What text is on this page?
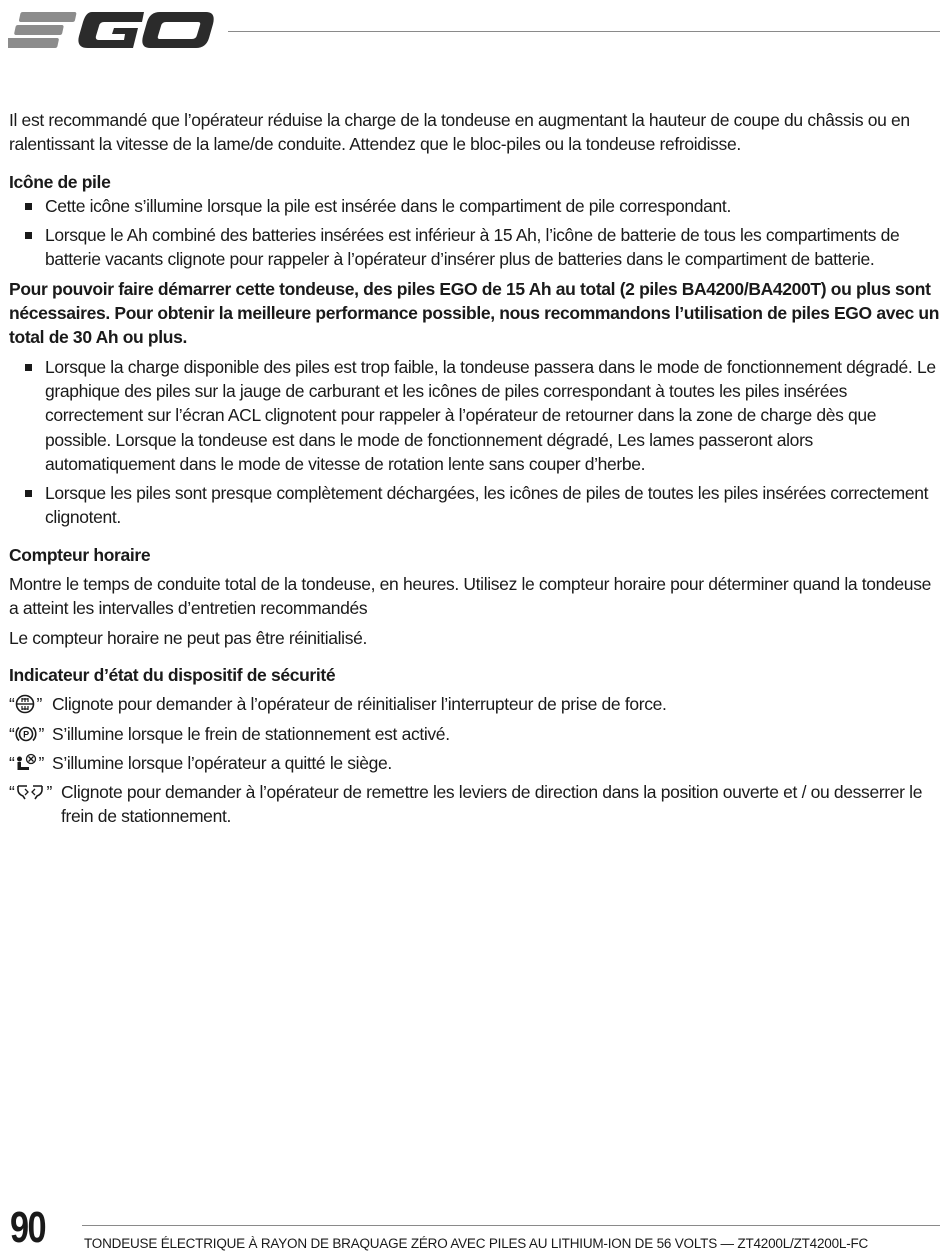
Il est recommandé que l’opérateur réduise la charge de la tondeuse en augmentant la hauteur de coupe du châssis ou en ralentissant la vitesse de la lame/de conduite. Attendez que le bloc-piles ou la tondeuse refroidisse.

Icône de pile

Cette icône s’illumine lorsque la pile est insérée dans le compartiment de pile correspondant.
Lorsque le Ah combiné des batteries insérées est inférieur à 15 Ah, l’icône de batterie de tous les compartiments de batterie vacants clignote pour rappeler à l’opérateur d’insérer plus de batteries dans le compartiment de batterie.

Pour pouvoir faire démarrer cette tondeuse, des piles EGO de 15 Ah au total (2 piles BA4200/BA4200T) ou plus sont nécessaires. Pour obtenir la meilleure performance possible, nous recommandons l’utilisation de piles EGO avec un total de 30 Ah ou plus.

Lorsque la charge disponible des piles est trop faible, la tondeuse passera dans le mode de fonctionnement dégradé. Le graphique des piles sur la jauge de carburant et les icônes de piles correspondant à toutes les piles insérées correctement sur l’écran ACL clignotent pour rappeler à l’opérateur de retourner dans la zone de charge dès que possible. Lorsque la tondeuse est dans le mode de fonctionnement dégradé, Les lames passeront alors automatiquement dans le mode de vitesse de rotation lente sans couper d’herbe.
Lorsque les piles sont presque complètement déchargées, les icônes de piles de toutes les piles insérées correctement clignotent.

Compteur horaire

Montre le temps de conduite total de la tondeuse, en heures. Utilisez le compteur horaire pour déterminer quand la tondeuse a atteint les intervalles d’entretien recommandés

Le compteur horaire ne peut pas être réinitialisé.

Indicateur d’état du dispositif de sécurité

“ ” Clignote pour demander à l’opérateur de réinitialiser l’interrupteur de prise de force.
“ P ” S’illumine lorsque le frein de stationnement est activé.
“ ” S’illumine lorsque l’opérateur a quitté le siège.
“ ” Clignote pour demander à l’opérateur de remettre les leviers de direction dans la position ouverte et / ou desserrer le frein de stationnement.
90	TONDEUSE ÉLECTRIQUE À RAYON DE BRAQUAGE ZÉRO AVEC PILES AU LITHIUM-ION DE 56 VOLTS — ZT4200L/ZT4200L-FC
